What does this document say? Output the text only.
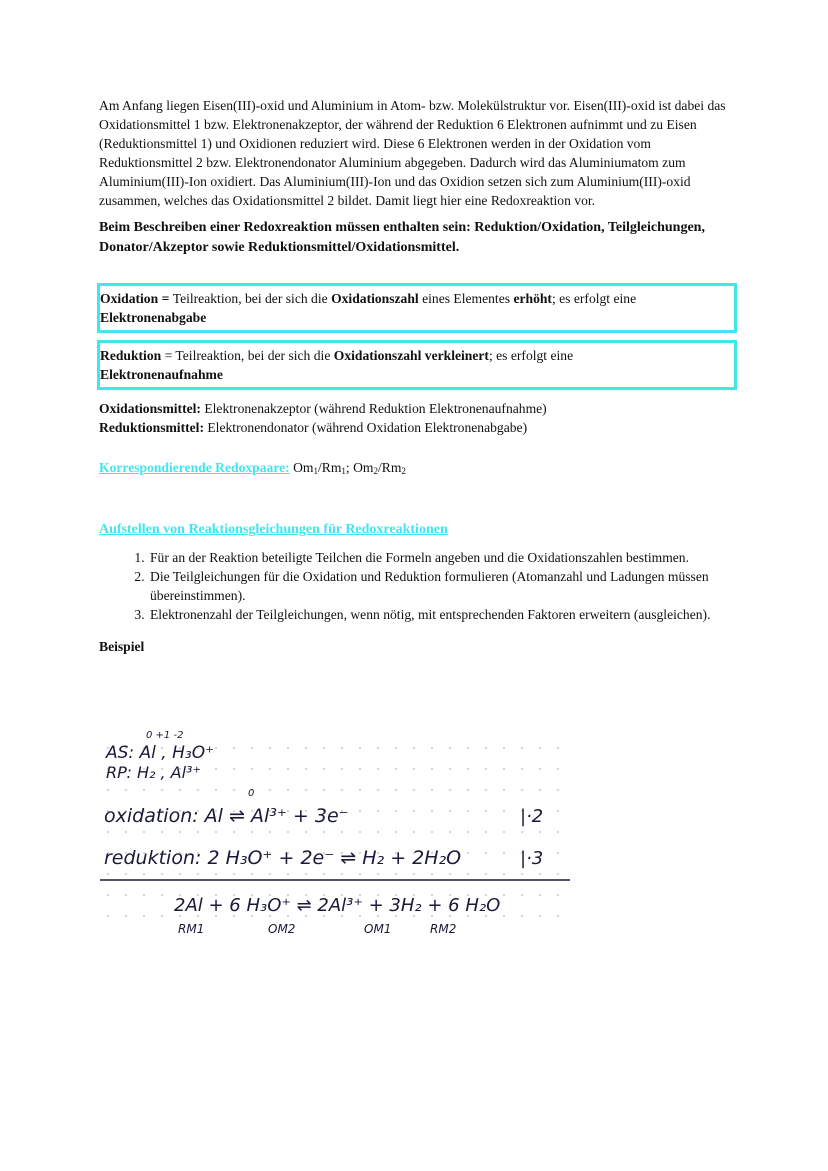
Am Anfang liegen Eisen(III)-oxid und Aluminium in Atom- bzw. Molekülstruktur vor. Eisen(III)-oxid ist dabei das Oxidationsmittel 1 bzw. Elektronenakzeptor, der während der Reduktion 6 Elektronen aufnimmt und zu Eisen (Reduktionsmittel 1) und Oxidionen reduziert wird. Diese 6 Elektronen werden in der Oxidation vom Reduktionsmittel 2 bzw. Elektronendonator Aluminium abgegeben. Dadurch wird das Aluminiumatom zum Aluminium(III)-Ion oxidiert. Das Aluminium(III)-Ion und das Oxidion setzen sich zum Aluminium(III)-oxid zusammen, welches das Oxidationsmittel 2 bildet. Damit liegt hier eine Redoxreaktion vor.

Beim Beschreiben einer Redoxreaktion müssen enthalten sein: Reduktion/Oxidation, Teilgleichungen, Donator/Akzeptor sowie Reduktionsmittel/Oxidationsmittel.

Oxidation = Teilreaktion, bei der sich die Oxidationszahl eines Elementes erhöht; es erfolgt eine
Elektronenabgabe

Reduktion = Teilreaktion, bei der sich die Oxidationszahl verkleinert; es erfolgt eine
Elektronenaufnahme

Oxidationsmittel: Elektronenakzeptor (während Reduktion Elektronenaufnahme)

Reduktionsmittel: Elektronendonator (während Oxidation Elektronenabgabe)

Korrespondierende Redoxpaare: $Om_1/Rm_1$; $Om_2/Rm_2$

Aufstellen von Reaktionsgleichungen für Redoxreaktionen

1. Für an der Reaktion beteiligte Teilchen die Formeln angeben und die Oxidationszahlen bestimmen.
2. Die Teilgleichungen für die Oxidation und Reduktion formulieren (Atomanzahl und Ladungen müssen übereinstimmen).
3. Elektronenzahl der Teilgleichungen, wenn nötig, mit entsprechenden Faktoren erweitern (ausgleichen).

Beispiel

0 +1 -2
AS: Al , H₃O⁺
RP: H₂ , Al³⁺
0
oxidation: Al ⇌ Al³⁺ + 3e⁻	|·2
reduktion: 2 H₃O⁺ + 2e⁻ ⇌ H₂ + 2H₂O	|·3
2Al + 6 H₃O⁺ ⇌ 2Al³⁺ + 3H₂ + 6 H₂O
RM1	OM2	OM1	RM2
